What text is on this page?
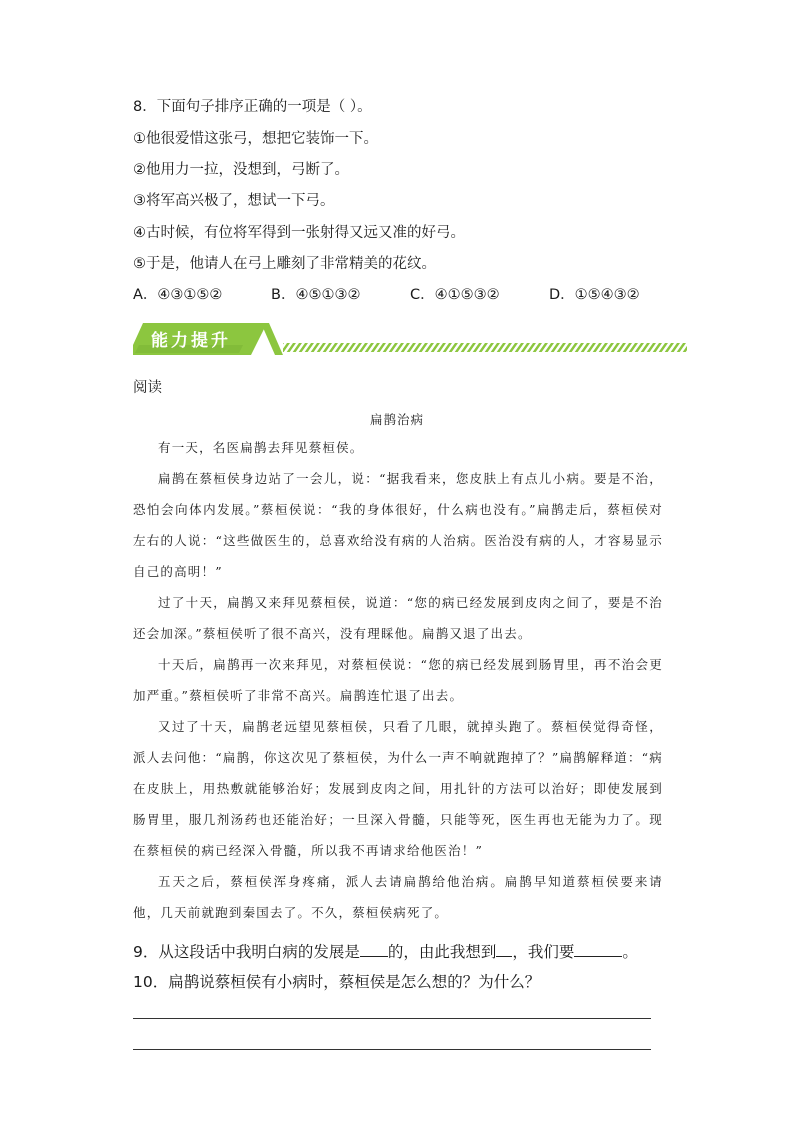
8．下面句子排序正确的一项是（ ）。
①他很爱惜这张弓，想把它装饰一下。
②他用力一拉，没想到，弓断了。
③将军高兴极了，想试一下弓。
④古时候，有位将军得到一张射得又远又准的好弓。
⑤于是，他请人在弓上雕刻了非常精美的花纹。
A．④③①⑤②	B．④⑤①③②	C．④①⑤③②	D．①⑤④③②
能力提升
阅读
扁鹊治病

有一天，名医扁鹊去拜见蔡桓侯。

扁鹊在蔡桓侯身边站了一会儿，说：“据我看来，您皮肤上有点儿小病。要是不治，恐怕会向体内发展。”蔡桓侯说：“我的身体很好，什么病也没有。”扁鹊走后，蔡桓侯对左右的人说：“这些做医生的，总喜欢给没有病的人治病。医治没有病的人，才容易显示自己的高明！”

过了十天，扁鹊又来拜见蔡桓侯，说道：“您的病已经发展到皮肉之间了，要是不治还会加深。”蔡桓侯听了很不高兴，没有理睬他。扁鹊又退了出去。

十天后，扁鹊再一次来拜见，对蔡桓侯说：“您的病已经发展到肠胃里，再不治会更加严重。”蔡桓侯听了非常不高兴。扁鹊连忙退了出去。

又过了十天，扁鹊老远望见蔡桓侯，只看了几眼，就掉头跑了。蔡桓侯觉得奇怪，派人去问他：“扁鹊，你这次见了蔡桓侯，为什么一声不响就跑掉了？”扁鹊解释道：“病在皮肤上，用热敷就能够治好；发展到皮肉之间，用扎针的方法可以治好；即使发展到肠胃里，服几剂汤药也还能治好；一旦深入骨髓，只能等死，医生再也无能为力了。现在蔡桓侯的病已经深入骨髓，所以我不再请求给他医治！”

五天之后，蔡桓侯浑身疼痛，派人去请扁鹊给他治病。扁鹊早知道蔡桓侯要来请他，几天前就跑到秦国去了。不久，蔡桓侯病死了。

9．从这段话中我明白病的发展是 的，由此我想到 ，我们要	。
10．扁鹊说蔡桓侯有小病时，蔡桓侯是怎么想的？为什么？
